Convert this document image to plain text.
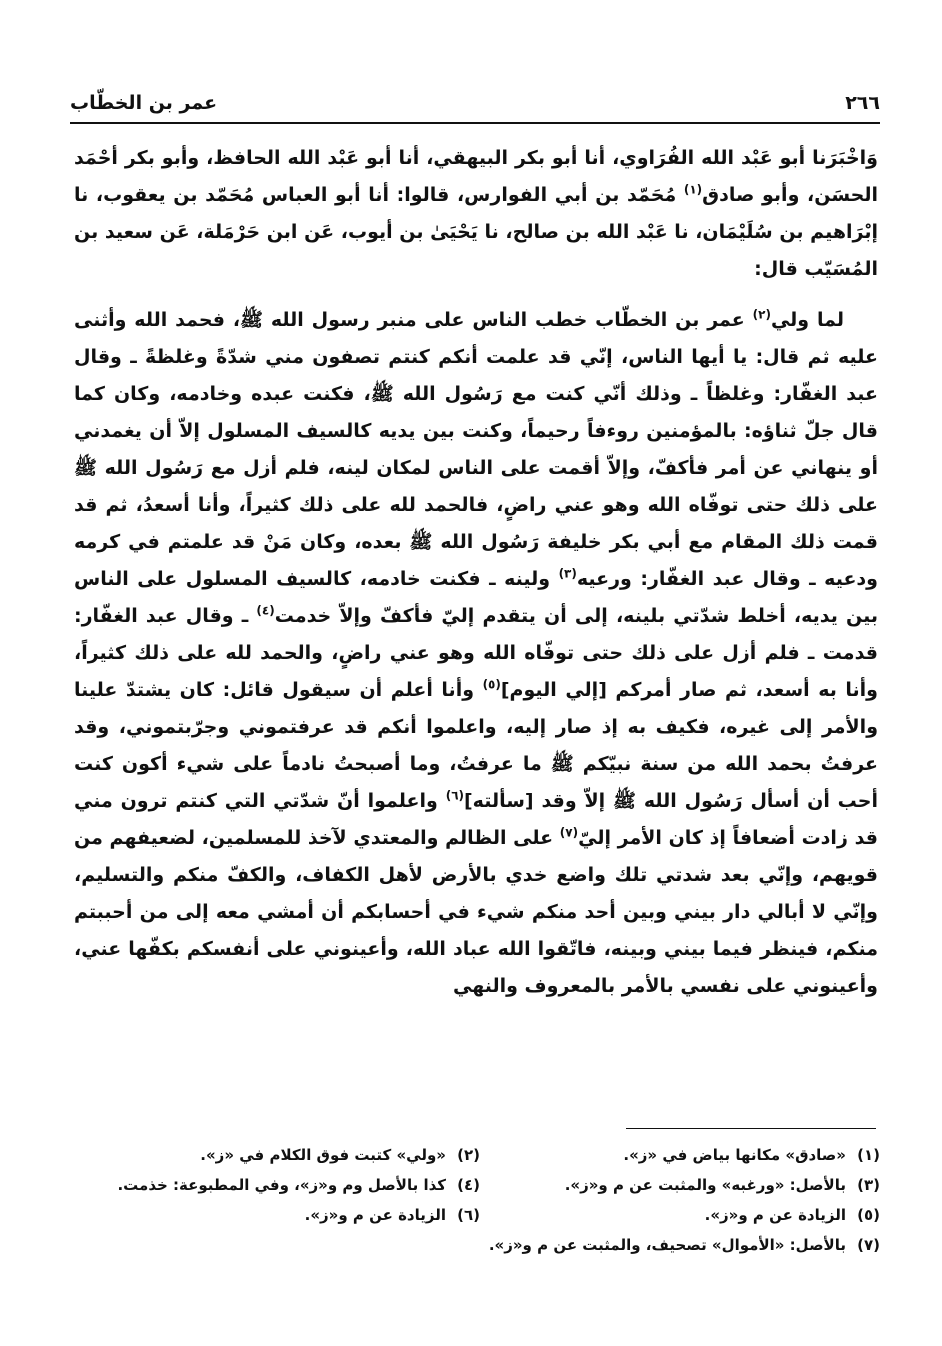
٢٦٦
عمر بن الخطّاب

وَاخْبَرَنا أبو عَبْد الله الفُرَاوي، أنا أبو بكر البيهقي، أنا أبو عَبْد الله الحافظ، وأبو بكر أحْمَد الحسَن، وأبو صادق$^{(١)}$ مُحَمّد بن أبي الفوارس، قالوا: أنا أبو العباس مُحَمّد بن يعقوب، نا إبْرَاهيم بن سُلَيْمَان، نا عَبْد الله بن صالح، نا يَحْيَىٰ بن أيوب، عَن ابن حَرْمَلة، عَن سعيد بن المُسَيّب قال:

لما ولي$^{(٢)}$ عمر بن الخطّاب خطب الناس على منبر رسول الله ﷺ، فحمد الله وأثنى عليه ثم قال: يا أيها الناس، إنّي قد علمت أنكم كنتم تصفون مني شدّةً وغلظةً ـ وقال عبد الغفّار: وغلظاً ـ وذلك أنّي كنت مع رَسُول الله ﷺ، فكنت عبده وخادمه، وكان كما قال جلّ ثناؤه: بالمؤمنين روءفاً رحيماً، وكنت بين يديه كالسيف المسلول إلاّ أن يغمدني أو ينهاني عن أمر فأكفّ، وإلاّ أقمت على الناس لمكان لينه، فلم أزل مع رَسُول الله ﷺ على ذلك حتى توفّاه الله وهو عني راضٍ، فالحمد لله على ذلك كثيراً، وأنا أسعدُ، ثم قد قمت ذلك المقام مع أبي بكر خليفة رَسُول الله ﷺ بعده، وكان مَنْ قد علمتم في كرمه ودعيه ـ وقال عبد الغفّار: ورعيه$^{(٣)}$ ولينه ـ فكنت خادمه، كالسيف المسلول على الناس بين يديه، أخلط شدّتي بلينه، إلى أن يتقدم إليّ فأكفّ وإلاّ خدمت$^{(٤)}$ ـ وقال عبد الغفّار: قدمت ـ فلم أزل على ذلك حتى توفّاه الله وهو عني راضٍ، والحمد لله على ذلك كثيراً، وأنا به أسعد، ثم صار أمركم [إلي اليوم]$^{(٥)}$ وأنا أعلم أن سيقول قائل: كان يشتدّ علينا والأمر إلى غيره، فكيف به إذ صار إليه، واعلموا أنكم قد عرفتموني وجرّبتموني، وقد عرفتُ بحمد الله من سنة نبيّكم ﷺ ما عرفتُ، وما أصبحتُ نادماً على شيء أكون كنت أحب أن أسأل رَسُول الله ﷺ إلاّ وقد [سألته]$^{(٦)}$ واعلموا أنّ شدّتي التي كنتم ترون مني قد زادت أضعافاً إذ كان الأمر إليّ$^{(٧)}$ على الظالم والمعتدي لآخذ للمسلمين، لضعيفهم من قويهم، وإنّي بعد شدتي تلك واضع خدي بالأرض لأهل الكفاف، والكفّ منكم والتسليم، وإنّي لا أبالي دار بيني وبين أحد منكم شيء في أحسابكم أن أمشي معه إلى من أحببتم منكم، فينظر فيما بيني وبينه، فاتّقوا الله عباد الله، وأعينوني على أنفسكم بكفّها عني، وأعينوني على نفسي بالأمر بالمعروف والنهي

(١)«صادق» مكانها بياض في «ز».
(٢)«ولي» كتبت فوق الكلام في «ز».
(٣)بالأصل: «ورغبه» والمثبت عن م و«ز».
(٤)كذا بالأصل وم و«ز»، وفي المطبوعة: خذمت.
(٥)الزيادة عن م و«ز».
(٦)الزيادة عن م و«ز».
(٧)بالأصل: «الأموال» تصحيف، والمثبت عن م و«ز».
